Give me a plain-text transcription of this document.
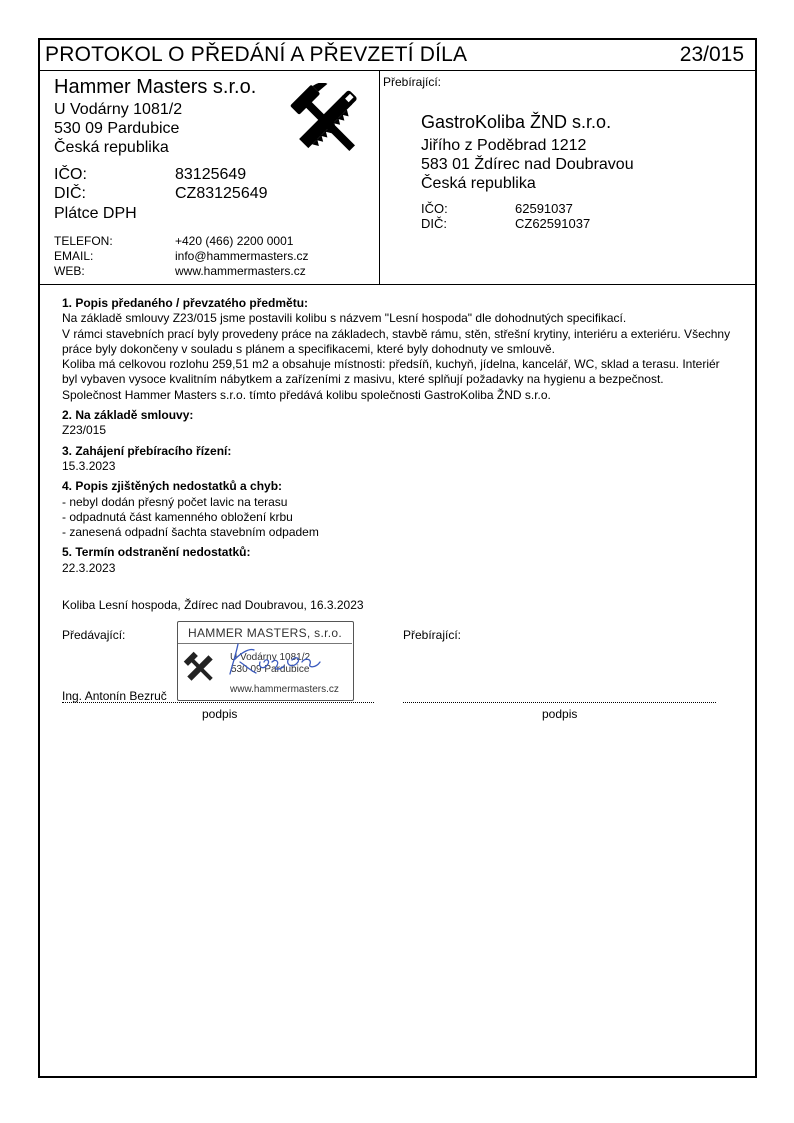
PROTOKOL O PŘEDÁNÍ A PŘEVZETÍ DÍLA	23/015
Hammer Masters s.r.o.
U Vodárny 1081/2
530 09 Pardubice
Česká republika
IČO:	83125649
DIČ:	CZ83125649
Plátce DPH
TELEFON:	+420 (466) 2200 0001
EMAIL:	info@hammermasters.cz
WEB:	www.hammermasters.cz
Přebírající:
GastroKoliba ŽND s.r.o.
Jiřího z Poděbrad 1212
583 01 Ždírec nad Doubravou
Česká republika
IČO:	62591037
DIČ:	CZ62591037
1. Popis předaného / převzatého předmětu:
Na základě smlouvy Z23/015 jsme postavili kolibu s názvem "Lesní hospoda" dle dohodnutých specifikací.
V rámci stavebních prací byly provedeny práce na základech, stavbě rámu, stěn, střešní krytiny, interiéru a exteriéru. Všechny
práce byly dokončeny v souladu s plánem a specifikacemi, které byly dohodnuty ve smlouvě.
Koliba má celkovou rozlohu 259,51 m2 a obsahuje místnosti: předsíň, kuchyň, jídelna, kancelář, WC, sklad a terasu. Interiér
byl vybaven vysoce kvalitním nábytkem a zařízeními z masivu, které splňují požadavky na hygienu a bezpečnost.
Společnost Hammer Masters s.r.o. tímto předává kolibu společnosti GastroKoliba ŽND s.r.o.
2. Na základě smlouvy:
Z23/015
3. Zahájení přebíracího řízení:
15.3.2023
4. Popis zjištěných nedostatků a chyb:
- nebyl dodán přesný počet laviс na terasu
- odpadnutá část kamenného obložení krbu
- zanesená odpadní šachta stavebním odpadem
5. Termín odstranění nedostatků:
22.3.2023
Koliba Lesní hospoda, Ždírec nad Doubravou, 16.3.2023
Předávající:	Přebírající:
HAMMER MASTERS, s.r.o.
U Vodárny 1081/2
530 09 Pardubice
www.hammermasters.cz
Ing. Antonín Bezruč
podpis	podpis
